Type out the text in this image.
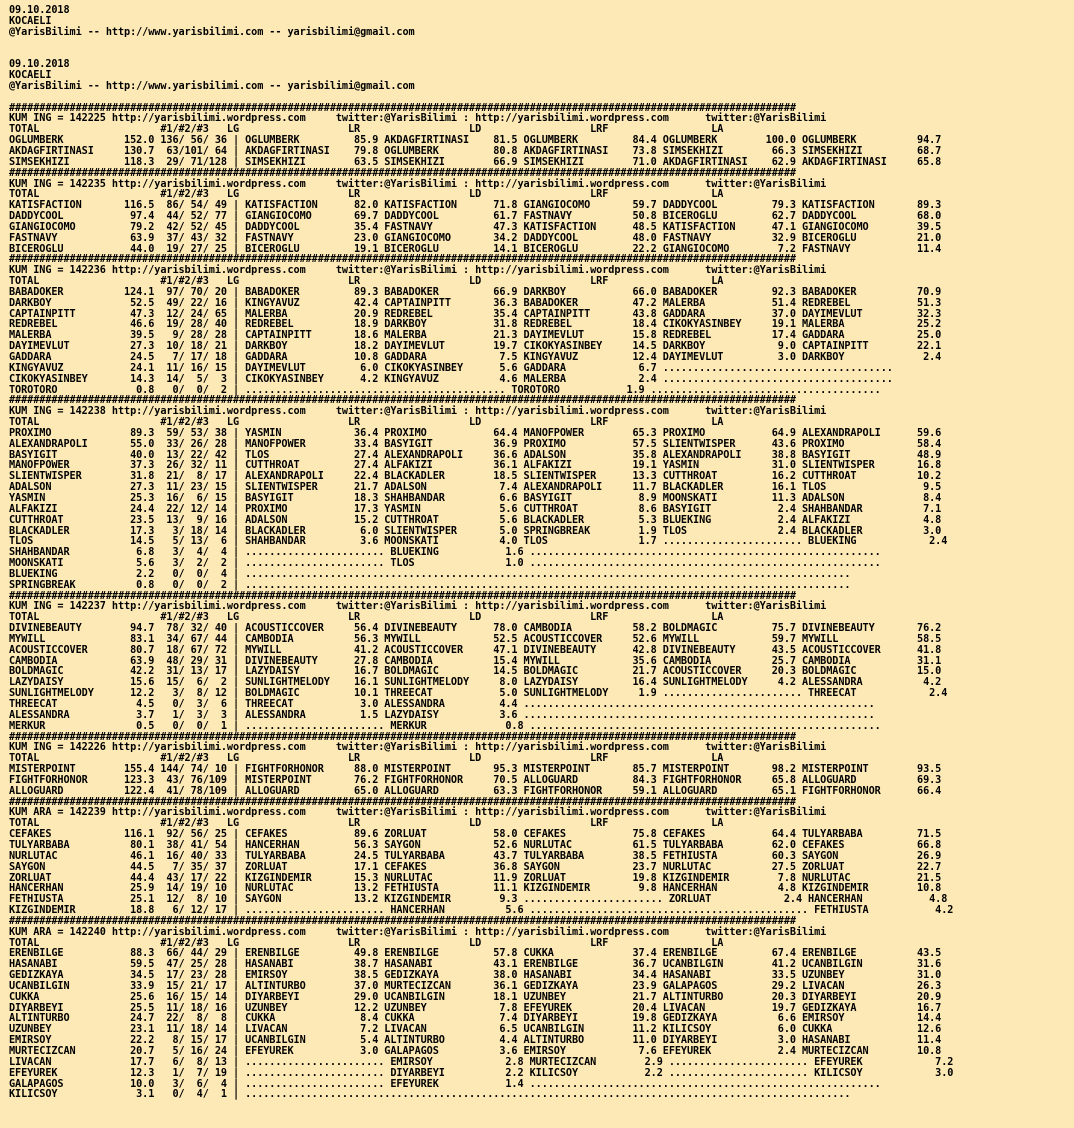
09.10.2018
KOCAELI
@YarisBilimi -- http://www.yarisbilimi.com -- yarisbilimi@gmail.com

09.10.2018
KOCAELI
@YarisBilimi -- http://www.yarisbilimi.com -- yarisbilimi@gmail.com

##################################################################################################################################
KUM ING = 142225 http://yarisbilimi.wordpress.com     twitter:@YarisBilimi : http://yarisbilimi.wordpress.com      twitter:@YarisBilimi
TOTAL                    #1/#2/#3   LG                  LR                  LD                  LRF                 LA
OGLUMBERK          152.0 136/ 56/ 36 | OGLUMBERK         85.9 AKDAGFIRTINASI    81.5 OGLUMBERK         84.4 OGLUMBERK        100.0 OGLUMBERK          94.7
AKDAGFIRTINASI     130.7  63/101/ 64 | AKDAGFIRTINASI    79.8 OGLUMBERK         80.8 AKDAGFIRTINASI    73.8 SIMSEKHIZI        66.3 SIMSEKHIZI         68.7
SIMSEKHIZI         118.3  29/ 71/128 | SIMSEKHIZI        63.5 SIMSEKHIZI        66.9 SIMSEKHIZI        71.0 AKDAGFIRTINASI    62.9 AKDAGFIRTINASI     65.8
##################################################################################################################################
KUM ING = 142235 http://yarisbilimi.wordpress.com     twitter:@YarisBilimi : http://yarisbilimi.wordpress.com      twitter:@YarisBilimi
TOTAL                    #1/#2/#3   LG                  LR                  LD                  LRF                 LA
KATISFACTION       116.5  86/ 54/ 49 | KATISFACTION      82.0 KATISFACTION      71.8 GIANGIOCOMO       59.7 DADDYCOOL         79.3 KATISFACTION       89.3
DADDYCOOL           97.4  44/ 52/ 77 | GIANGIOCOMO       69.7 DADDYCOOL         61.7 FASTNAVY          50.8 BICEROGLU         62.7 DADDYCOOL          68.0
GIANGIOCOMO         79.2  42/ 52/ 45 | DADDYCOOL         35.4 FASTNAVY          47.3 KATISFACTION      48.5 KATISFACTION      47.1 GIANGIOCOMO        39.5
FASTNAVY            63.9  37/ 43/ 32 | FASTNAVY          23.0 GIANGIOCOMO       34.2 DADDYCOOL         48.0 FASTNAVY          32.9 BICEROGLU          21.0
BICEROGLU           44.0  19/ 27/ 25 | BICEROGLU         19.1 BICEROGLU         14.1 BICEROGLU         22.2 GIANGIOCOMO        7.2 FASTNAVY           11.4
##################################################################################################################################
KUM ING = 142236 http://yarisbilimi.wordpress.com     twitter:@YarisBilimi : http://yarisbilimi.wordpress.com      twitter:@YarisBilimi
TOTAL                    #1/#2/#3   LG                  LR                  LD                  LRF                 LA
BABADOKER          124.1  97/ 70/ 20 | BABADOKER         89.3 BABADOKER         66.9 DARKBOY           66.0 BABADOKER         92.3 BABADOKER          70.9
DARKBOY             52.5  49/ 22/ 16 | KINGYAVUZ         42.4 CAPTAINPITT       36.3 BABADOKER         47.2 MALERBA           51.4 REDREBEL           51.3
CAPTAINPITT         47.3  12/ 24/ 65 | MALERBA           20.9 REDREBEL          35.4 CAPTAINPITT       43.8 GADDARA           37.0 DAYIMEVLUT         32.3
REDREBEL            46.6  19/ 28/ 40 | REDREBEL          18.9 DARKBOY           31.8 REDREBEL          18.4 CIKOKYASINBEY     19.1 MALERBA            25.2
MALERBA             39.5   9/ 28/ 28 | CAPTAINPITT       18.6 MALERBA           21.3 DAYIMEVLUT        15.8 REDREBEL          17.4 GADDARA            25.0
DAYIMEVLUT          27.3  10/ 18/ 21 | DARKBOY           18.2 DAYIMEVLUT        19.7 CIKOKYASINBEY     14.5 DARKBOY            9.0 CAPTAINPITT        22.1
GADDARA             24.5   7/ 17/ 18 | GADDARA           10.8 GADDARA            7.5 KINGYAVUZ         12.4 DAYIMEVLUT         3.0 DARKBOY             2.4
KINGYAVUZ           24.1  11/ 16/ 15 | DAYIMEVLUT         6.0 CIKOKYASINBEY      5.6 GADDARA            6.7 ......................................
CIKOKYASINBEY       14.3  14/  5/  3 | CIKOKYASINBEY      4.2 KINGYAVUZ          4.6 MALERBA            2.4 ......................................
TOROTORO             0.8   0/  0/  2 | ........................................... TOROTORO           1.9 ......................................
##################################################################################################################################
KUM ING = 142238 http://yarisbilimi.wordpress.com     twitter:@YarisBilimi : http://yarisbilimi.wordpress.com      twitter:@YarisBilimi
TOTAL                    #1/#2/#3   LG                  LR                  LD                  LRF                 LA
PROXIMO             89.3  59/ 53/ 38 | YASMIN            36.4 PROXIMO           64.4 MANOFPOWER        65.3 PROXIMO           64.9 ALEXANDRAPOLI      59.6
ALEXANDRAPOLI       55.0  33/ 26/ 28 | MANOFPOWER        33.4 BASYIGIT          36.9 PROXIMO           57.5 SLIENTWISPER      43.6 PROXIMO            58.4
BASYIGIT            40.0  13/ 22/ 42 | TLOS              27.4 ALEXANDRAPOLI     36.6 ADALSON           35.8 ALEXANDRAPOLI     38.8 BASYIGIT           48.9
MANOFPOWER          37.3  26/ 32/ 11 | CUTTHROAT         27.4 ALFAKIZI          36.1 ALFAKIZI          19.1 YASMIN            31.0 SLIENTWISPER       16.8
SLIENTWISPER        31.8  21/  8/ 17 | ALEXANDRAPOLI     22.4 BLACKADLER        18.5 SLIENTWISPER      13.3 CUTTHROAT         16.2 CUTTHROAT          10.2
ADALSON             27.3  11/ 23/ 15 | SLIENTWISPER      21.7 ADALSON            7.4 ALEXANDRAPOLI     11.7 BLACKADLER        16.1 TLOS                9.5
YASMIN              25.3  16/  6/ 15 | BASYIGIT          18.3 SHAHBANDAR         6.6 BASYIGIT           8.9 MOONSKATI         11.3 ADALSON             8.4
ALFAKIZI            24.4  22/ 12/ 14 | PROXIMO           17.3 YASMIN             5.6 CUTTHROAT          8.6 BASYIGIT           2.4 SHAHBANDAR          7.1
CUTTHROAT           23.5  13/  9/ 16 | ADALSON           15.2 CUTTHROAT          5.6 BLACKADLER         5.3 BLUEKING           2.4 ALFAKIZI            4.8
BLACKADLER          17.3   3/ 18/ 14 | BLACKADLER         6.0 SLIENTWISPER       5.0 SPRINGBREAK        1.9 TLOS               2.4 BLACKADLER          3.0
TLOS                14.5   5/ 13/  6 | SHAHBANDAR         3.6 MOONSKATI          4.0 TLOS               1.7 ....................... BLUEKING            2.4
SHAHBANDAR           6.8   3/  4/  4 | ....................... BLUEKING           1.6 ..........................................................
MOONSKATI            5.6   3/  2/  2 | ....................... TLOS               1.0 ..........................................................
BLUEKING             2.2   0/  0/  4 | ....................................................................................................
SPRINGBREAK          0.8   0/  0/  2 | ....................................................................................................
##################################################################################################################################
KUM ING = 142237 http://yarisbilimi.wordpress.com     twitter:@YarisBilimi : http://yarisbilimi.wordpress.com      twitter:@YarisBilimi
TOTAL                    #1/#2/#3   LG                  LR                  LD                  LRF                 LA
DIVINEBEAUTY        94.7  78/ 32/ 40 | ACOUSTICCOVER     56.4 DIVINEBEAUTY      78.0 CAMBODIA          58.2 BOLDMAGIC         75.7 DIVINEBEAUTY       76.2
MYWILL              83.1  34/ 67/ 44 | CAMBODIA          56.3 MYWILL            52.5 ACOUSTICCOVER     52.6 MYWILL            59.7 MYWILL             58.5
ACOUSTICCOVER       80.7  18/ 67/ 72 | MYWILL            41.2 ACOUSTICCOVER     47.1 DIVINEBEAUTY      42.8 DIVINEBEAUTY      43.5 ACOUSTICCOVER      41.8
CAMBODIA            63.9  48/ 29/ 31 | DIVINEBEAUTY      27.8 CAMBODIA          15.4 MYWILL            35.6 CAMBODIA          25.7 CAMBODIA           31.1
BOLDMAGIC           42.2  31/ 13/ 17 | LAZYDAISY         16.7 BOLDMAGIC         14.5 BOLDMAGIC         21.7 ACOUSTICCOVER     20.3 BOLDMAGIC          15.0
LAZYDAISY           15.6  15/  6/  2 | SUNLIGHTMELODY    16.1 SUNLIGHTMELODY     8.0 LAZYDAISY         16.4 SUNLIGHTMELODY     4.2 ALESSANDRA          4.2
SUNLIGHTMELODY      12.2   3/  8/ 12 | BOLDMAGIC         10.1 THREECAT           5.0 SUNLIGHTMELODY     1.9 ....................... THREECAT            2.4
THREECAT             4.5   0/  3/  6 | THREECAT           3.0 ALESSANDRA         4.4 ..........................................................
ALESSANDRA           3.7   1/  3/  3 | ALESSANDRA         1.5 LAZYDAISY          3.6 ..........................................................
MERKUR               0.5   0/  0/  1 | ....................... MERKUR             0.8 ..........................................................
##################################################################################################################################
KUM ING = 142226 http://yarisbilimi.wordpress.com     twitter:@YarisBilimi : http://yarisbilimi.wordpress.com      twitter:@YarisBilimi
TOTAL                    #1/#2/#3   LG                  LR                  LD                  LRF                 LA
MISTERPOINT        155.4 144/ 74/ 10 | FIGHTFORHONOR     88.0 MISTERPOINT       95.3 MISTERPOINT       85.7 MISTERPOINT       98.2 MISTERPOINT        93.5
FIGHTFORHONOR      123.3  43/ 76/109 | MISTERPOINT       76.2 FIGHTFORHONOR     70.5 ALLOGUARD         84.3 FIGHTFORHONOR     65.8 ALLOGUARD          69.3
ALLOGUARD          122.4  41/ 78/109 | ALLOGUARD         65.0 ALLOGUARD         63.3 FIGHTFORHONOR     59.1 ALLOGUARD         65.1 FIGHTFORHONOR      66.4
##################################################################################################################################
KUM ARA = 142239 http://yarisbilimi.wordpress.com     twitter:@YarisBilimi : http://yarisbilimi.wordpress.com      twitter:@YarisBilimi
TOTAL                    #1/#2/#3   LG                  LR                  LD                  LRF                 LA
CEFAKES            116.1  92/ 56/ 25 | CEFAKES           89.6 ZORLUAT           58.0 CEFAKES           75.8 CEFAKES           64.4 TULYARBABA         71.5
TULYARBABA          80.1  38/ 41/ 54 | HANCERHAN         56.3 SAYGON            52.6 NURLUTAC          61.5 TULYARBABA        62.0 CEFAKES            66.8
NURLUTAC            46.1  16/ 40/ 33 | TULYARBABA        24.5 TULYARBABA        43.7 TULYARBABA        38.5 FETHIUSTA         60.3 SAYGON             26.9
SAYGON              44.5   7/ 35/ 37 | ZORLUAT           17.1 CEFAKES           36.8 SAYGON            23.7 NURLUTAC          27.5 ZORLUAT            22.7
ZORLUAT             44.4  43/ 17/ 22 | KIZGINDEMIR       15.3 NURLUTAC          11.9 ZORLUAT           19.8 KIZGINDEMIR        7.8 NURLUTAC           21.5
HANCERHAN           25.9  14/ 19/ 10 | NURLUTAC          13.2 FETHIUSTA         11.1 KIZGINDEMIR        9.8 HANCERHAN          4.8 KIZGINDEMIR        10.8
FETHIUSTA           25.1  12/  8/ 10 | SAYGON            13.2 KIZGINDEMIR        9.3 ....................... ZORLUAT            2.4 HANCERHAN           4.8
KIZGINDEMIR         18.8   6/ 12/ 17 | ....................... HANCERHAN          5.6 .............................................. FETHIUSTA           4.2
##################################################################################################################################
KUM ARA = 142240 http://yarisbilimi.wordpress.com     twitter:@YarisBilimi : http://yarisbilimi.wordpress.com      twitter:@YarisBilimi
TOTAL                    #1/#2/#3   LG                  LR                  LD                  LRF                 LA
ERENBILGE           88.3  66/ 44/ 29 | ERENBILGE         49.8 ERENBILGE         57.8 CUKKA             37.4 ERENBILGE         67.4 ERENBILGE          43.5
HASANABI            59.5  47/ 25/ 28 | HASANABI          38.7 HASANABI          43.1 ERENBILGE         36.7 UCANBILGIN        41.2 UCANBILGIN         31.6
GEDIZKAYA           34.5  17/ 23/ 28 | EMIRSOY           38.5 GEDIZKAYA         38.0 HASANABI          34.4 HASANABI          33.5 UZUNBEY            31.0
UCANBILGIN          33.9  15/ 21/ 17 | ALTINTURBO        37.0 MURTECIZCAN       36.1 GEDIZKAYA         23.9 GALAPAGOS         29.2 LIVACAN            26.3
CUKKA               25.6  16/ 15/ 14 | DIYARBEYI         29.0 UCANBILGIN        18.1 UZUNBEY           21.7 ALTINTURBO        20.3 DIYARBEYI          20.9
DIYARBEYI           25.5  11/ 18/ 16 | UZUNBEY           12.2 UZUNBEY            7.8 EFEYUREK          20.4 LIVACAN           19.7 GEDIZKAYA          16.7
ALTINTURBO          24.7  22/  8/  8 | CUKKA              8.4 CUKKA              7.4 DIYARBEYI         19.8 GEDIZKAYA          6.6 EMIRSOY            14.4
UZUNBEY             23.1  11/ 18/ 14 | LIVACAN            7.2 LIVACAN            6.5 UCANBILGIN        11.2 KILICSOY           6.0 CUKKA              12.6
EMIRSOY             22.2   8/ 15/ 17 | UCANBILGIN         5.4 ALTINTURBO         4.4 ALTINTURBO        11.0 DIYARBEYI          3.0 HASANABI           11.4
MURTECIZCAN         20.7   5/ 16/ 24 | EFEYUREK           3.0 GALAPAGOS          3.6 EMIRSOY            7.6 EFEYUREK           2.4 MURTECIZCAN        10.8
LIVACAN             17.7   6/  8/ 13 | ....................... EMIRSOY            2.8 MURTECIZCAN        2.9 ....................... EFEYUREK            7.2
EFEYUREK            12.3   1/  7/ 19 | ....................... DIYARBEYI          2.2 KILICSOY           2.2 ....................... KILICSOY            3.0
GALAPAGOS           10.0   3/  6/  4 | ....................... EFEYUREK           1.4 ..........................................................
KILICSOY             3.1   0/  4/  1 | ....................................................................................................
